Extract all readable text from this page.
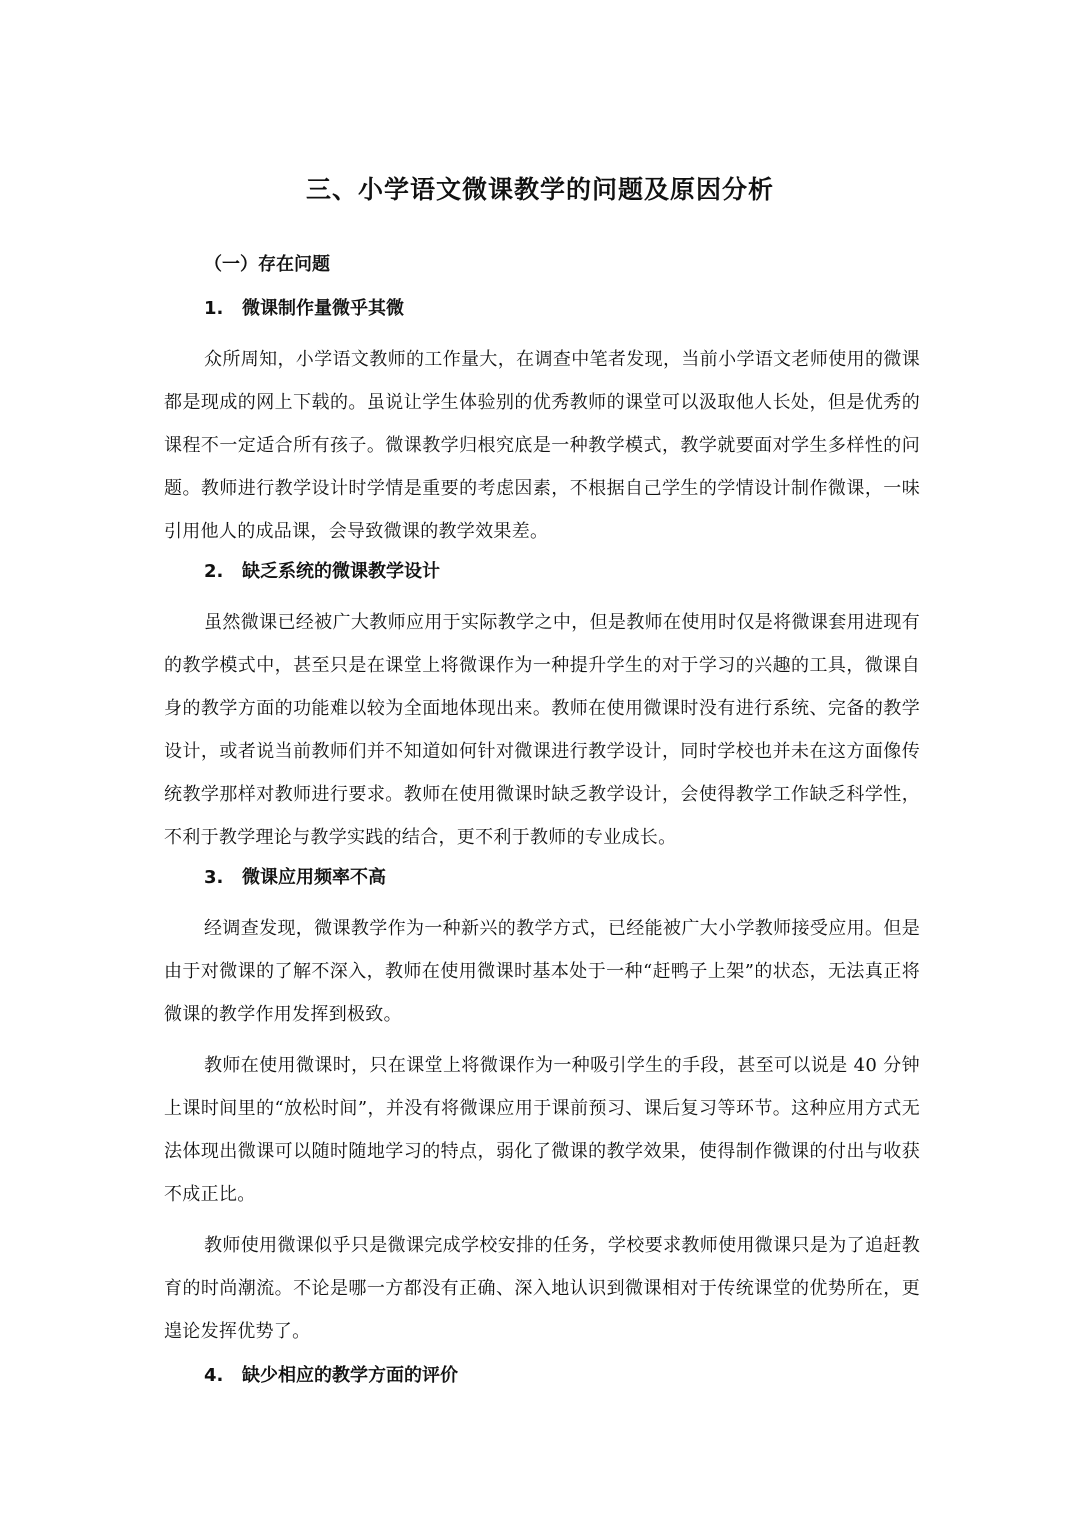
三、小学语文微课教学的问题及原因分析
（一）存在问题
1.	微课制作量微乎其微

众所周知，小学语文教师的工作量大，在调查中笔者发现，当前小学语文老师使用的微课都是现成的网上下载的。虽说让学生体验别的优秀教师的课堂可以汲取他人长处，但是优秀的课程不一定适合所有孩子。微课教学归根究底是一种教学模式，教学就要面对学生多样性的问题。教师进行教学设计时学情是重要的考虑因素，不根据自己学生的学情设计制作微课，一味引用他人的成品课，会导致微课的教学效果差。

2.	缺乏系统的微课教学设计

虽然微课已经被广大教师应用于实际教学之中，但是教师在使用时仅是将微课套用进现有的教学模式中，甚至只是在课堂上将微课作为一种提升学生的对于学习的兴趣的工具，微课自身的教学方面的功能难以较为全面地体现出来。教师在使用微课时没有进行系统、完备的教学设计，或者说当前教师们并不知道如何针对微课进行教学设计，同时学校也并未在这方面像传统教学那样对教师进行要求。教师在使用微课时缺乏教学设计，会使得教学工作缺乏科学性，不利于教学理论与教学实践的结合，更不利于教师的专业成长。

3.	微课应用频率不高

经调查发现，微课教学作为一种新兴的教学方式，已经能被广大小学教师接受应用。但是由于对微课的了解不深入，教师在使用微课时基本处于一种“赶鸭子上架”的状态，无法真正将微课的教学作用发挥到极致。

教师在使用微课时，只在课堂上将微课作为一种吸引学生的手段，甚至可以说是 40 分钟上课时间里的“放松时间”，并没有将微课应用于课前预习、课后复习等环节。这种应用方式无法体现出微课可以随时随地学习的特点，弱化了微课的教学效果，使得制作微课的付出与收获不成正比。

教师使用微课似乎只是微课完成学校安排的任务，学校要求教师使用微课只是为了追赶教育的时尚潮流。不论是哪一方都没有正确、深入地认识到微课相对于传统课堂的优势所在，更遑论发挥优势了。

4.	缺少相应的教学方面的评价
